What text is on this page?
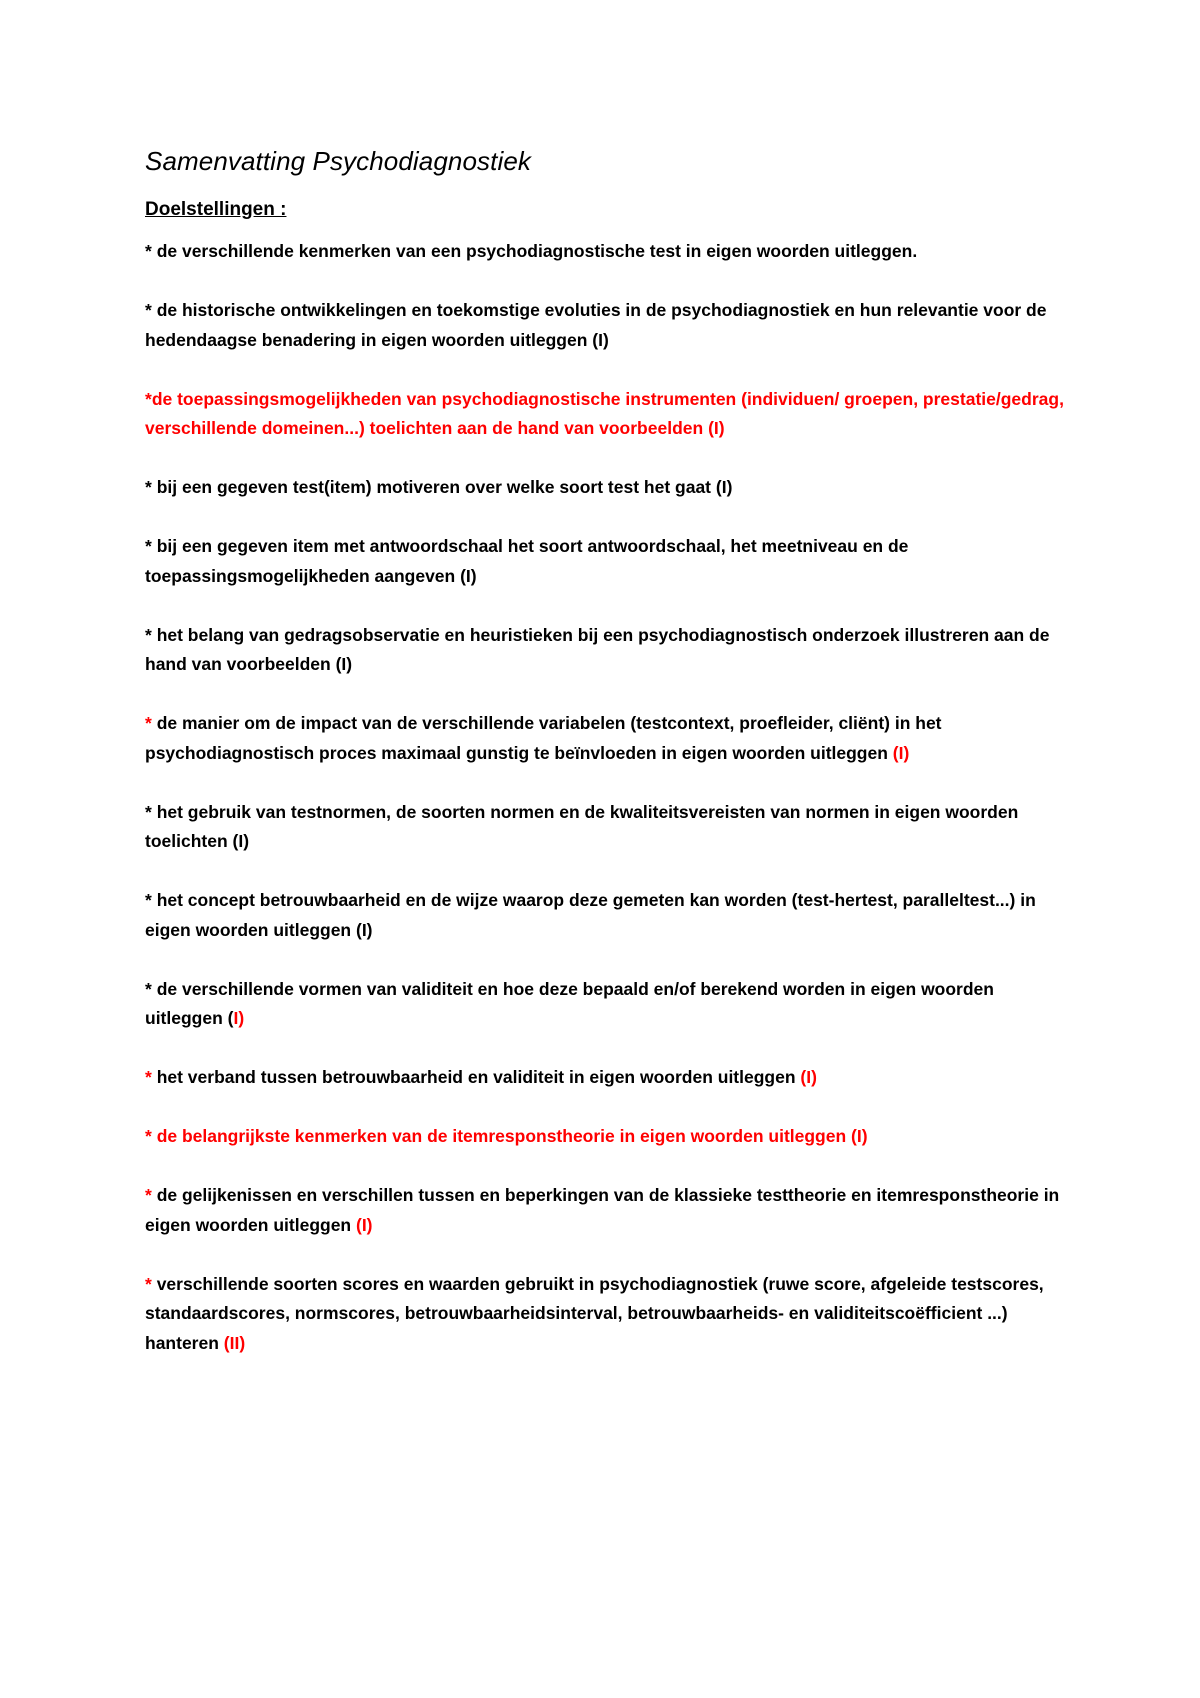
Samenvatting Psychodiagnostiek
Doelstellingen :
* de verschillende kenmerken van een psychodiagnostische test in eigen woorden uitleggen.
* de historische ontwikkelingen en toekomstige evoluties in de psychodiagnostiek en hun relevantie voor de hedendaagse benadering in eigen woorden uitleggen (I)
*de toepassingsmogelijkheden van psychodiagnostische instrumenten (individuen/ groepen, prestatie/gedrag, verschillende domeinen...) toelichten aan de hand van voorbeelden (I)
* bij een gegeven test(item) motiveren over welke soort test het gaat (I)
* bij een gegeven item met antwoordschaal het soort antwoordschaal, het meetniveau en de toepassingsmogelijkheden aangeven (I)
* het belang van gedragsobservatie en heuristieken bij een psychodiagnostisch onderzoek illustreren aan de hand van voorbeelden (I)
* de manier om de impact van de verschillende variabelen (testcontext, proefleider, cliënt) in het psychodiagnostisch proces maximaal gunstig te beïnvloeden in eigen woorden uitleggen (I)
* het gebruik van testnormen, de soorten normen en de kwaliteitsvereisten van normen in eigen woorden toelichten (I)
* het concept betrouwbaarheid en de wijze waarop deze gemeten kan worden (test-hertest, paralleltest...) in eigen woorden uitleggen (I)
* de verschillende vormen van validiteit en hoe deze bepaald en/of berekend worden in eigen woorden uitleggen (I)
* het verband tussen betrouwbaarheid en validiteit in eigen woorden uitleggen (I)
* de belangrijkste kenmerken van de itemresponstheorie in eigen woorden uitleggen (I)
* de gelijkenissen en verschillen tussen en beperkingen van de klassieke testtheorie en itemresponstheorie in eigen woorden uitleggen (I)
* verschillende soorten scores en waarden gebruikt in psychodiagnostiek (ruwe score, afgeleide testscores, standaardscores, normscores, betrouwbaarheidsinterval, betrouwbaarheids- en validiteitscoëfficient ...) hanteren (II)
